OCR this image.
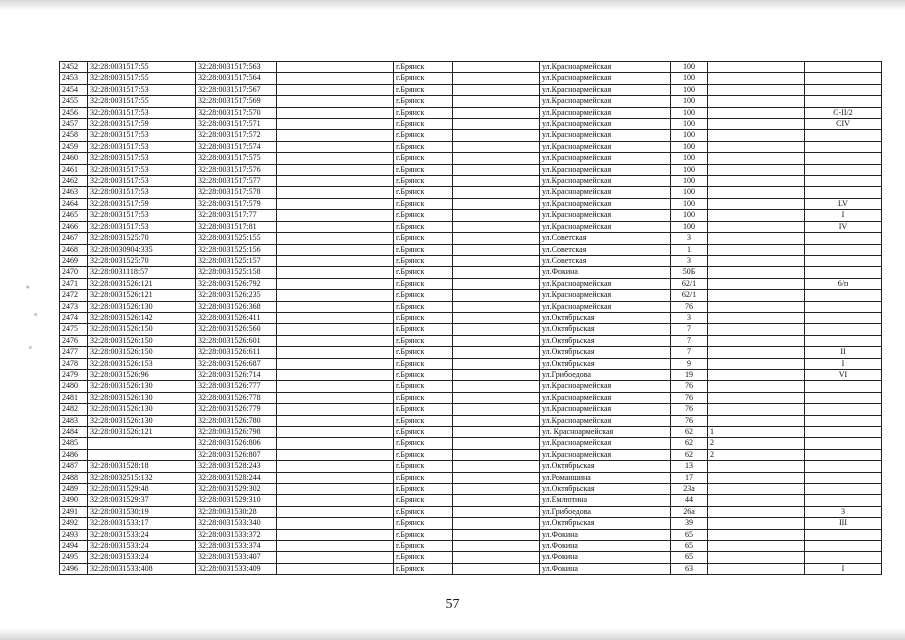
2452	32:28:0031517:55	32:28:0031517:563		г.Брянск		ул.Красноармейская	100		
2453	32:28:0031517:55	32:28:0031517:564		г.Брянск		ул.Красноармейская	100		
2454	32:28:0031517:53	32:28:0031517:567		г.Брянск		ул.Красноармейская	100		
2455	32:28:0031517:55	32:28:0031517:569		г.Брянск		ул.Красноармейская	100		
2456	32:28:0031517:53	32:28:0031517:570		г.Брянск		ул.Красноармейская	100		С-II/2
2457	32:28:0031517:59	32:28:0031517:571		г.Брянск		ул.Красноармейская	100		CIV
2458	32:28:0031517:53	32:28:0031517:572		г.Брянск		ул.Красноармейская	100		
2459	32:28:0031517:53	32:28:0031517:574		г.Брянск		ул.Красноармейская	100		
2460	32:28:0031517:53	32:28:0031517:575		г.Брянск		ул.Красноармейская	100		
2461	32:28:0031517:53	32:28:0031517:576		г.Брянск		ул.Красноармейская	100		
2462	32:28:0031517:53	32:28:0031517:577		г.Брянск		ул.Красноармейская	100		
2463	32:28:0031517:53	32:28:0031517:578		г.Брянск		ул.Красноармейская	100		
2464	32:28:0031517:59	32:28:0031517:579		г.Брянск		ул.Красноармейская	100		LV
2465	32:28:0031517:53	32:28:0031517:77		г.Брянск		ул.Красноармейская	100		I
2466	32:28:0031517:53	32:28:0031517:81		г.Брянск		ул.Красноармейская	100		IV
2467	32:28:0031525:70	32:28:0031525:155		г.Брянск		ул.Советская	3		
2468	32:28:0030904:335	32:28:0031525:156		г.Брянск		ул.Советская	1		
2469	32:28:0031525:70	32:28:0031525:157		г.Брянск		ул.Советская	3		
2470	32:28:0031118:57	32:28:0031525:158		г.Брянск		ул.Фокина	50Б		
2471	32:28:0031526:121	32:28:0031526:792		г.Брянск		ул.Красноармейская	62/1		6/п
2472	32:28:0031526:121	32:28:0031526:235		г.Брянск		ул.Красноармейская	62/1		
2473	32:28:0031526:130	32:28:0031526:368		г.Брянск		ул.Красноармейская	76		
2474	32:28:0031526:142	32:28:0031526:411		г.Брянск		ул.Октябрьская	3		
2475	32:28:0031526:150	32:28:0031526:560		г.Брянск		ул.Октябрьская	7		
2476	32:28:0031526:150	32:28:0031526:601		г.Брянск		ул.Октябрьская	7		
2477	32:28:0031526:150	32:28:0031526:611		г.Брянск		ул.Октябрьская	7		II
2478	32:28:0031526:153	32:28:0031526:687		г.Брянск		ул.Октябрьская	9		I
2479	32:28:0031526:96	32:28:0031526:714		г.Брянск		ул.Грибоедова	19		VI
2480	32:28:0031526:130	32:28:0031526:777		г.Брянск		ул.Красноармейская	76		
2481	32:28:0031526:130	32:28:0031526:778		г.Брянск		ул.Красноармейская	76		
2482	32:28:0031526:130	32:28:0031526:779		г.Брянск		ул.Красноармейская	76		
2483	32:28:0031526:130	32:28:0031526:780		г.Брянск		ул.Красноармейская	76		
2484	32:28:0031526:121	32:28:0031526:798		г.Брянск		ул. Красноармейская	62	1	
2485		32:28:0031526:806		г.Брянск		ул.Красноармейская	62	2	
2486		32:28:0031526:807		г.Брянск		ул.Красноармейская	62	2	
2487	32:28:0031528:18	32:28:0031528:243		г.Брянск		ул.Октябрьская	13		
2488	32:28:0032515:132	32:28:0031528:244		г.Брянск		ул.Романшина	17		
2489	32:28:0031529:48	32:28:0031529:302		г.Брянск		ул.Октябрьская	23а		
2490	32:28:0031529:37	32:28:0031529:310		г.Брянск		ул.Емлютина	44		
2491	32:28:0031530:19	32:28:0031530:28		г.Брянск		ул.Грибоедова	26а		3
2492	32:28:0031533:17	32:28:0031533:340		г.Брянск		ул.Октябрьская	39		III
2493	32:28:0031533:24	32:28:0031533:372		г.Брянск		ул.Фокина	65		
2494	32:28:0031533:24	32:28:0031533:374		г.Брянск		ул.Фокина	65		
2495	32:28:0031533:24	32:28:0031533:407		г.Брянск		ул.Фокина	65		
2496	32:28:0031533:408	32:28:0031533:409		г.Брянск		ул.Фокина	63		I
57
